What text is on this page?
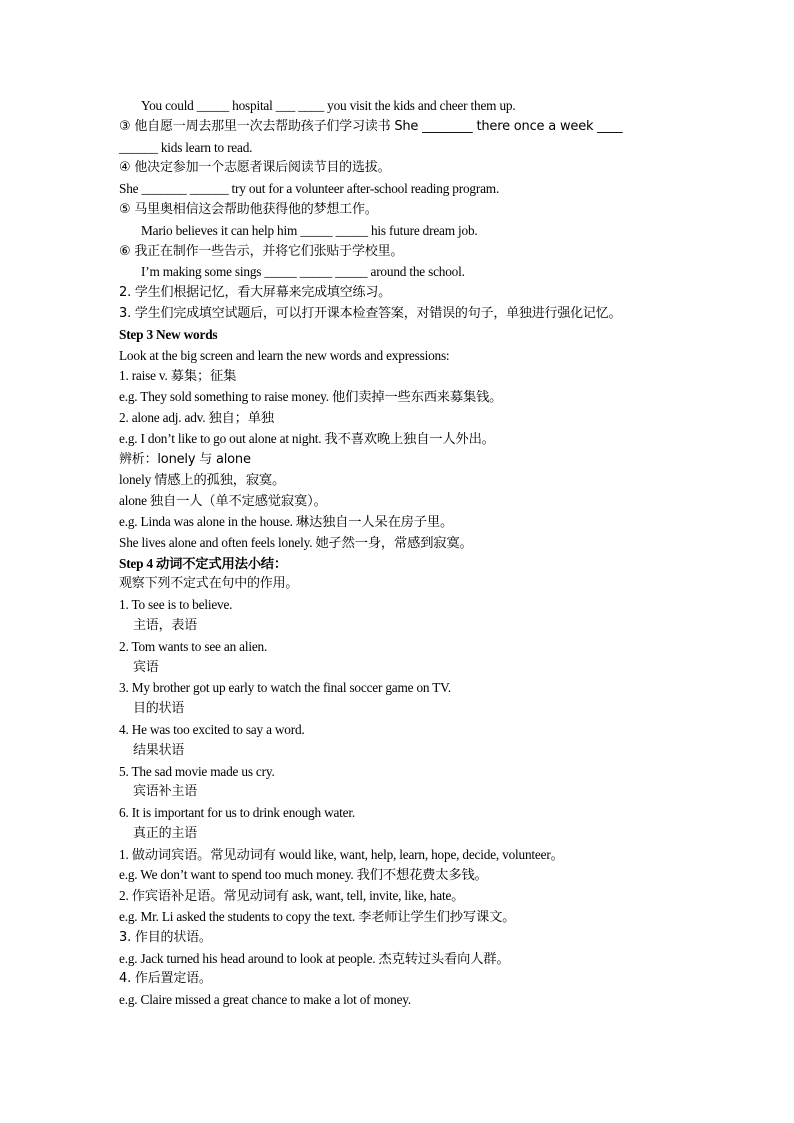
You could _____ hospital ___ ____ you visit the kids and cheer them up.
③ 他自愿一周去那里一次去帮助孩子们学习读书 She ________ there once a week ____
______ kids learn to read.
④ 他决定参加一个志愿者课后阅读节目的选拔。
She _______ ______ try out for a volunteer after-school reading program.
⑤ 马里奥相信这会帮助他获得他的梦想工作。
Mario believes it can help him _____ _____ his future dream job.
⑥ 我正在制作一些告示，并将它们张贴于学校里。
I’m making some sings _____ _____ _____ around the school.
2. 学生们根据记忆，看大屏幕来完成填空练习。
3. 学生们完成填空试题后，可以打开课本检查答案，对错误的句子，单独进行强化记忆。
Step 3 New words
Look at the big screen and learn the new words and expressions:
1. raise v. 募集；征集
e.g. They sold something to raise money. 他们卖掉一些东西来募集钱。
2. alone adj. adv. 独自；单独
e.g. I don’t like to go out alone at night. 我不喜欢晚上独自一人外出。
辨析：lonely 与 alone
lonely 情感上的孤独，寂寞。
alone 独自一人（单不定感觉寂寞）。
e.g. Linda was alone in the house. 琳达独自一人呆在房子里。
She lives alone and often feels lonely. 她孑然一身，常感到寂寞。
Step 4 动词不定式用法小结：
观察下列不定式在句中的作用。
1. To see is to believe.
主语，表语
2. Tom wants to see an alien.
宾语
3. My brother got up early to watch the final soccer game on TV.
目的状语
4. He was too excited to say a word.
结果状语
5. The sad movie made us cry.
宾语补主语
6. It is important for us to drink enough water.
真正的主语
1. 做动词宾语。常见动词有 would like, want, help, learn, hope, decide, volunteer。
e.g. We don’t want to spend too much money. 我们不想花费太多钱。
2. 作宾语补足语。常见动词有 ask, want, tell, invite, like, hate。
e.g. Mr. Li asked the students to copy the text. 李老师让学生们抄写课文。
3. 作目的状语。
e.g. Jack turned his head around to look at people. 杰克转过头看向人群。
4. 作后置定语。
e.g. Claire missed a great chance to make a lot of money.
